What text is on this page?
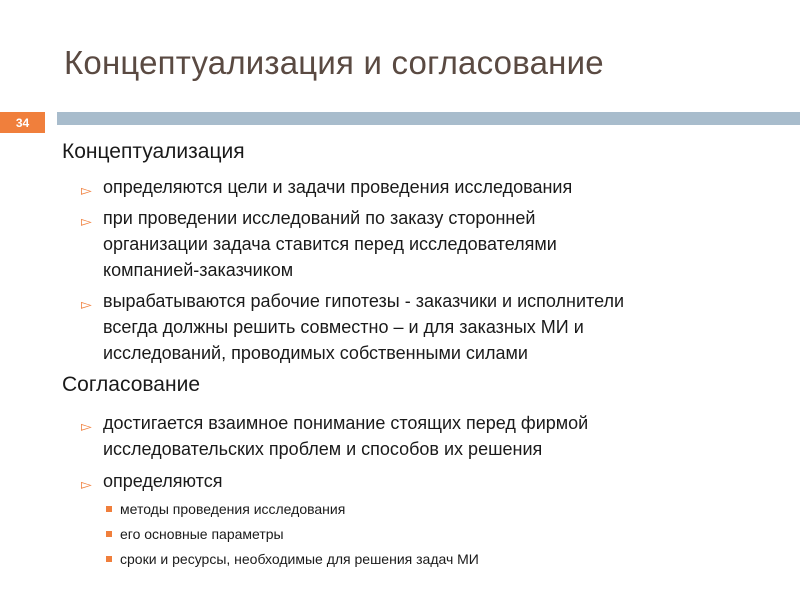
Концептуализация и согласование
34
Концептуализация
▻ определяются цели и задачи проведения исследования
▻ при проведении исследований по заказу сторонней
организации задача ставится перед исследователями
компанией-заказчиком
▻ вырабатываются рабочие гипотезы - заказчики и исполнители
всегда должны решить совместно – и для заказных МИ и
исследований, проводимых собственными силами
Согласование
▻ достигается взаимное понимание стоящих перед фирмой
исследовательских проблем и способов их решения
▻ определяются
методы проведения исследования
его основные параметры
сроки и ресурсы, необходимые для решения задач МИ
